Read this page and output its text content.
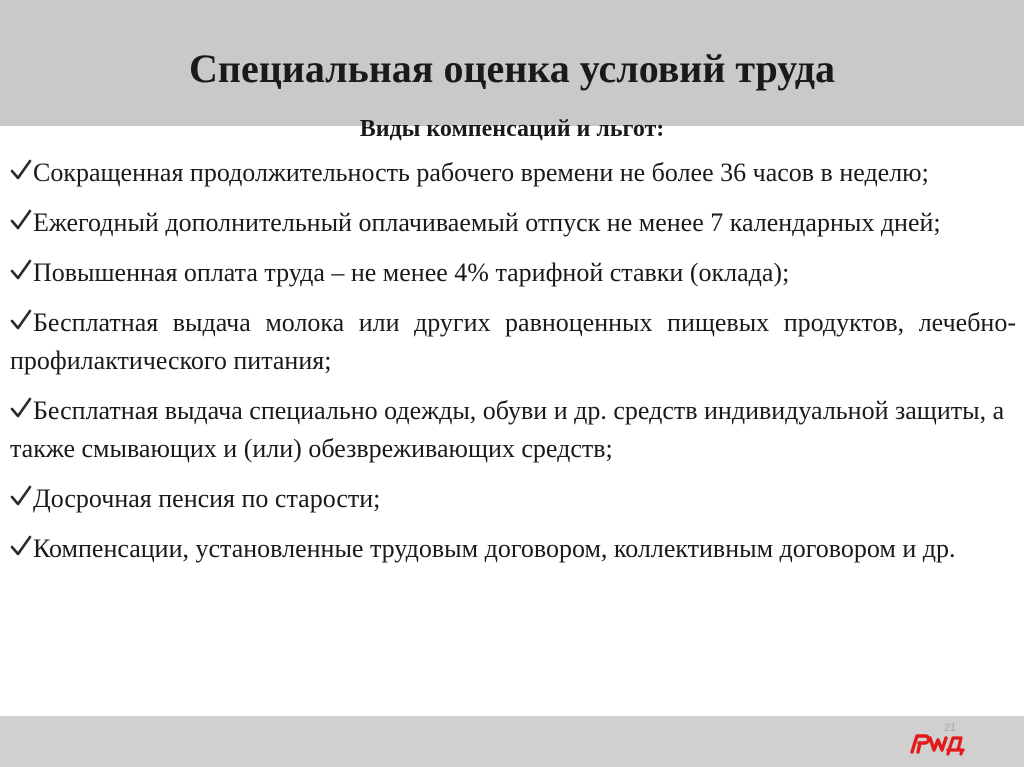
Специальная оценка условий труда
Виды компенсаций и льгот:
Сокращенная продолжительность рабочего времени не более 36 часов в неделю;
Ежегодный дополнительный оплачиваемый отпуск не менее 7 календарных дней;
Повышенная оплата труда – не менее 4% тарифной ставки (оклада);
Бесплатная выдача молока или других равноценных пищевых продуктов, лечебно-профилактического питания;
Бесплатная выдача специально одежды, обуви и др. средств индивидуальной защиты, а также смывающих и (или) обезвреживающих средств;
Досрочная пенсия по старости;
Компенсации, установленные трудовым договором, коллективным договором и др.
21
